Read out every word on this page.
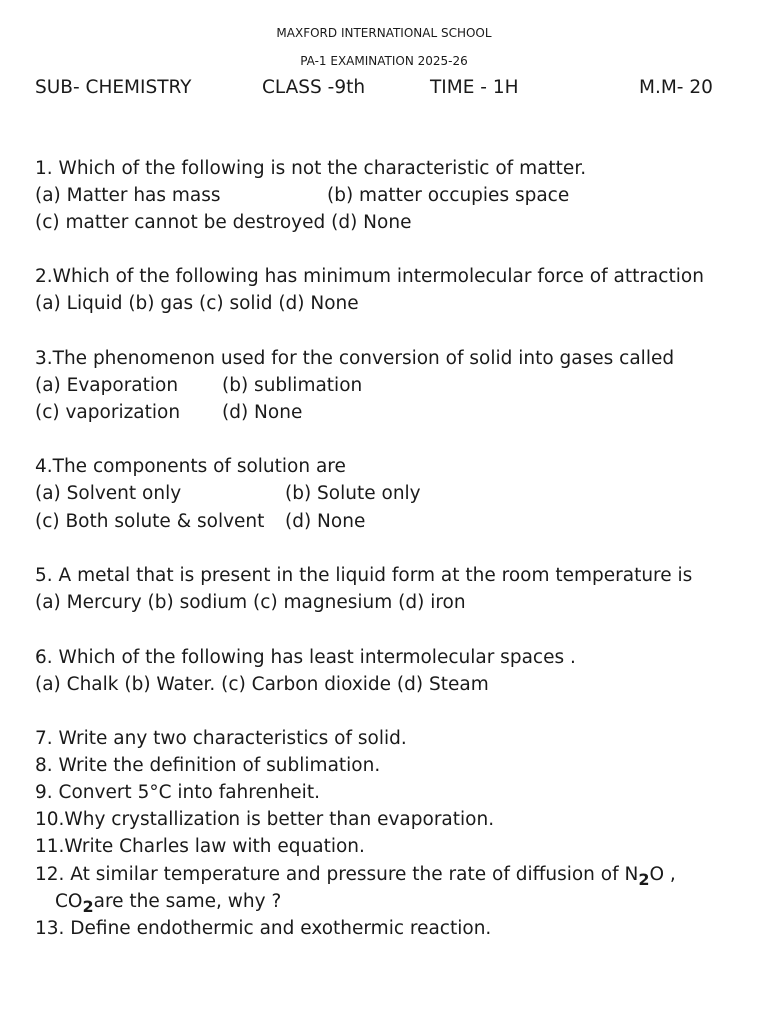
MAXFORD INTERNATIONAL SCHOOL
PA-1 EXAMINATION 2025-26
SUB- CHEMISTRY	CLASS -9th	TIME - 1H	M.M- 20
1. Which of the following is not the characteristic of matter.
(a) Matter has mass	(b) matter occupies space
(c) matter cannot be destroyed (d) None
2.Which of the following has minimum intermolecular force of attraction
(a) Liquid (b) gas (c) solid (d) None
3.The phenomenon used for the conversion of solid into gases called
(a) Evaporation (b) sublimation
(c) vaporization (d) None
4.The components of solution are
(a) Solvent only	(b) Solute only
(c) Both solute & solvent (d) None
5. A metal that is present in the liquid form at the room temperature is
(a) Mercury (b) sodium (c) magnesium (d) iron
6. Which of the following has least intermolecular spaces .
(a) Chalk (b) Water. (c) Carbon dioxide (d) Steam
7. Write any two characteristics of solid.
8. Write the definition of sublimation.
9. Convert 5°C into fahrenheit.
10.Why crystallization is better than evaporation.
11.Write Charles law with equation.
12. At similar temperature and pressure the rate of diffusion of $N_2O$ ,
$CO_2are$ the same, why ?
13. Define endothermic and exothermic reaction.
